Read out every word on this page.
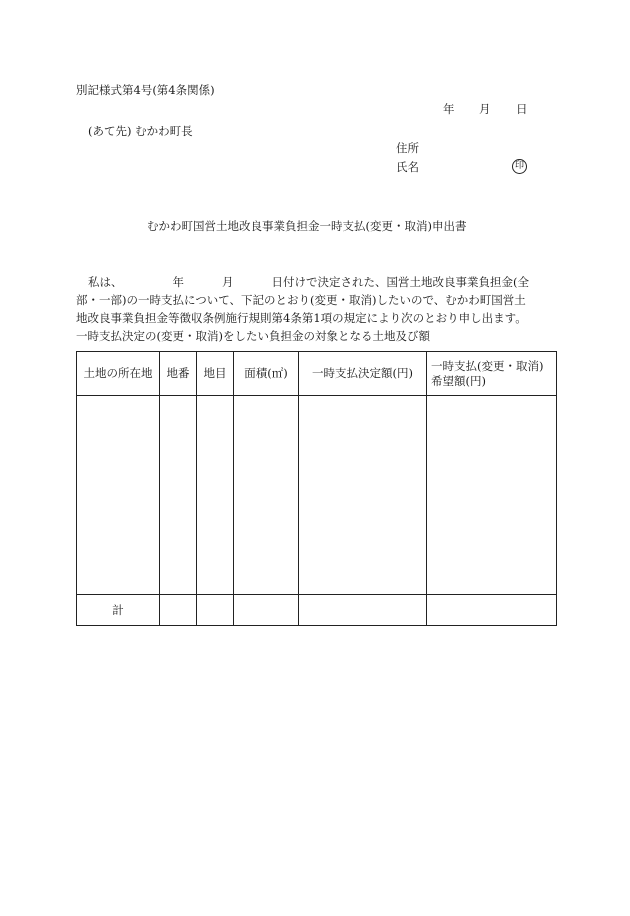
別記様式第4号(第4条関係)
年 月 日
(あて先) むかわ町長
住所
氏名	印
むかわ町国営土地改良事業負担金一時支払(変更・取消)申出書

私は、	年	月	日付けで決定された、国営土地改良事業負担金(全

部・一部)の一時支払について、下記のとおり(変更・取消)したいので、むかわ町国営土

地改良事業負担金等徴収条例施行規則第4条第1項の規定により次のとおり申し出ます。

一時支払決定の(変更・取消)をしたい負担金の対象となる土地及び額

土地の所在地	地番	地目	面積(㎡)	一時支払決定額(円)	一時支払(変更・取消)
希望額(円)

計					
